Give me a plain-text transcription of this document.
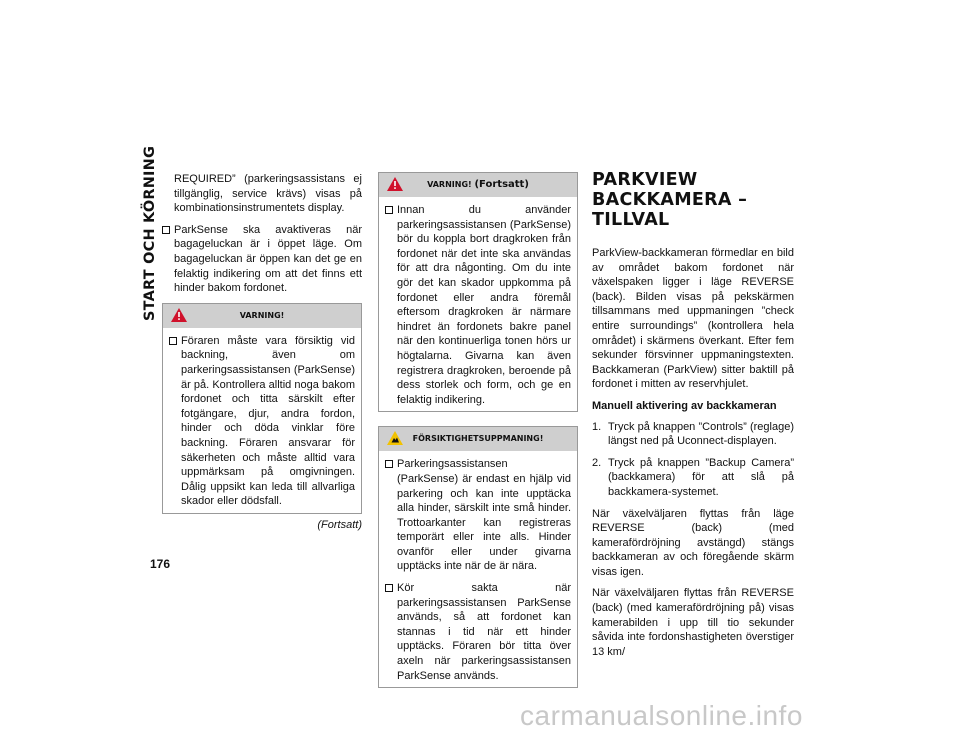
START OCH KÖRNING
176

REQUIRED” (parkeringsassistans ej tillgänglig, service krävs) visas på kombinationsinstrumentets display.

ParkSense ska avaktiveras när bagageluckan är i öppet läge. Om bagageluckan är öppen kan det ge en felaktig indikering om att det finns ett hinder bakom fordonet.
VARNING!
Föraren måste vara försiktig vid backning, även om parkeringsassistansen (ParkSense) är på. Kontrollera alltid noga bakom fordonet och titta särskilt efter fotgängare, djur, andra fordon, hinder och döda vinklar före backning. Föraren ansvarar för säkerheten och måste alltid vara uppmärksam på omgivningen. Dålig uppsikt kan leda till allvarliga skador eller dödsfall.
(Fortsatt)
VARNING! (Fortsatt)
Innan du använder parkeringsassistansen (ParkSense) bör du koppla bort dragkroken från fordonet när det inte ska användas för att dra någonting. Om du inte gör det kan skador uppkomma på fordonet eller andra föremål eftersom dragkroken är närmare hindret än fordonets bakre panel när den kontinuerliga tonen hörs ur högtalarna. Givarna kan även registrera dragkroken, beroende på dess storlek och form, och ge en felaktig indikering.
FÖRSIKTIGHETSUPPMANING!
Parkeringsassistansen (ParkSense) är endast en hjälp vid parkering och kan inte upptäcka alla hinder, särskilt inte små hinder. Trottoarkanter kan registreras temporärt eller inte alls. Hinder ovanför eller under givarna upptäcks inte när de är nära.
Kör sakta när parkeringsassistansen ParkSense används, så att fordonet kan stannas i tid när ett hinder upptäcks. Föraren bör titta över axeln när parkeringsassistansen ParkSense används.
PARKVIEW BACKKAMERA – TILLVAL

ParkView-backkameran förmedlar en bild av området bakom fordonet när växelspaken ligger i läge REVERSE (back). Bilden visas på pekskärmen tillsammans med uppmaningen ”check entire surroundings” (kontrollera hela området) i skärmens överkant. Efter fem sekunder försvinner uppmaningstexten. Backkameran (ParkView) sitter baktill på fordonet i mitten av reservhjulet.

Manuell aktivering av backkameran
1. Tryck på knappen ”Controls” (reglage) längst ned på Uconnect-displayen.
2. Tryck på knappen ”Backup Camera” (backkamera) för att slå på backkamera-systemet.

När växelväljaren flyttas från läge REVERSE (back) (med kamerafördröjning avstängd) stängs backkameran av och föregående skärm visas igen.

När växelväljaren flyttas från REVERSE (back) (med kamerafördröjning på) visas kamerabilden i upp till tio sekunder såvida inte fordonshastigheten överstiger 13 km/

carmanualsonline.info
